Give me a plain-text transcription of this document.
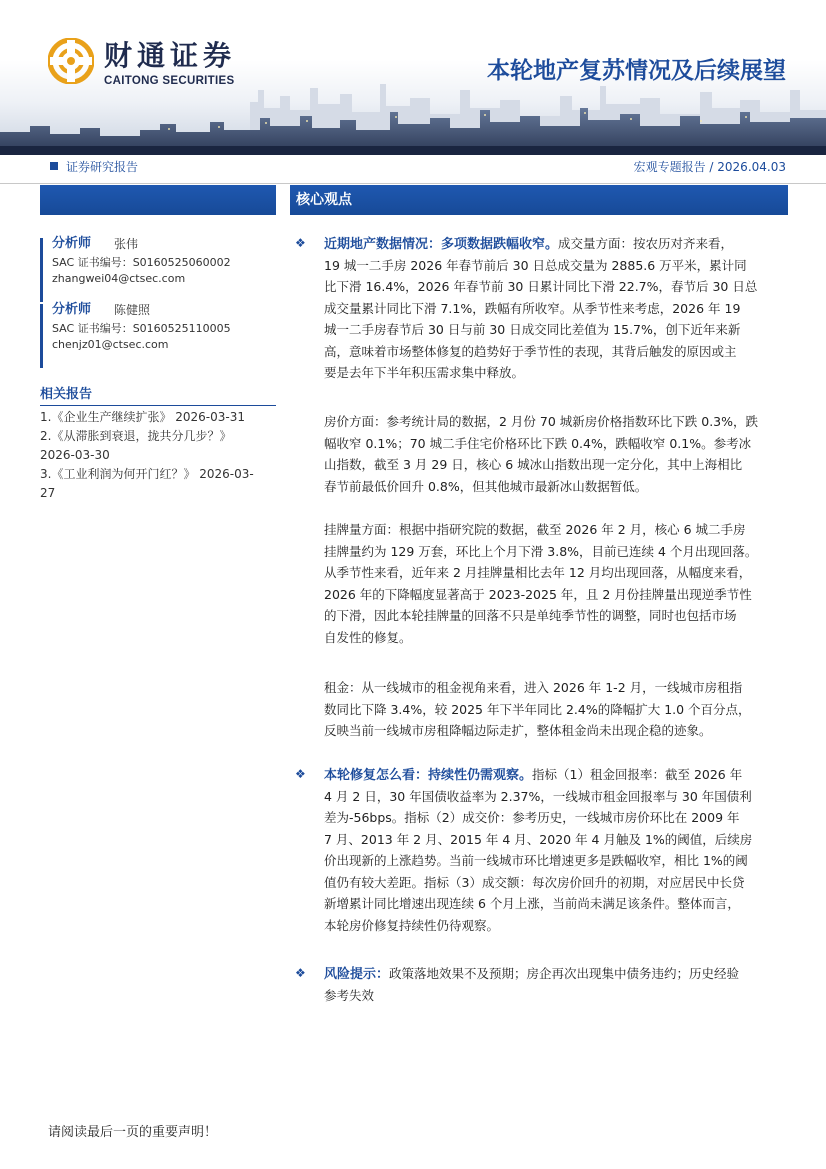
财通证券
CAITONG SECURITIES	本轮地产复苏情况及后续展望
证券研究报告	宏观专题报告 / 2026.04.03
分析师 张伟
SAC 证书编号：S0160525060002
zhangwei04@ctsec.com
分析师 陈健照
SAC 证书编号：S0160525110005
chenjz01@ctsec.com
相关报告
1.《企业生产继续扩张》 2026-03-31
2.《从滞胀到衰退，拢共分几步？》
2026-03-30
3.《工业利润为何开门红？》 2026-03-
27
核心观点
❖ 近期地产数据情况：多项数据跌幅收窄。成交量方面：按农历对齐来看，
19 城一二手房 2026 年春节前后 30 日总成交量为 2885.6 万平米，累计同
比下滑 16.4%，2026 年春节前 30 日累计同比下滑 22.7%，春节后 30 日总
成交量累计同比下滑 7.1%，跌幅有所收窄。从季节性来考虑，2026 年 19
城一二手房春节后 30 日与前 30 日成交同比差值为 15.7%，创下近年来新
高，意味着市场整体修复的趋势好于季节性的表现，其背后触发的原因或主
要是去年下半年积压需求集中释放。
房价方面：参考统计局的数据，2 月份 70 城新房价格指数环比下跌 0.3%，跌
幅收窄 0.1%；70 城二手住宅价格环比下跌 0.4%，跌幅收窄 0.1%。参考冰
山指数，截至 3 月 29 日，核心 6 城冰山指数出现一定分化，其中上海相比
春节前最低价回升 0.8%，但其他城市最新冰山数据暂低。
挂牌量方面：根据中指研究院的数据，截至 2026 年 2 月，核心 6 城二手房
挂牌量约为 129 万套，环比上个月下滑 3.8%，目前已连续 4 个月出现回落。
从季节性来看，近年来 2 月挂牌量相比去年 12 月均出现回落，从幅度来看，
2026 年的下降幅度显著高于 2023-2025 年，且 2 月份挂牌量出现逆季节性
的下滑，因此本轮挂牌量的回落不只是单纯季节性的调整，同时也包括市场
自发性的修复。
租金：从一线城市的租金视角来看，进入 2026 年 1-2 月，一线城市房租指
数同比下降 3.4%，较 2025 年下半年同比 2.4%的降幅扩大 1.0 个百分点，
反映当前一线城市房租降幅边际走扩，整体租金尚未出现企稳的迹象。
❖ 本轮修复怎么看：持续性仍需观察。指标（1）租金回报率：截至 2026 年
4 月 2 日，30 年国债收益率为 2.37%，一线城市租金回报率与 30 年国债利
差为-56bps。指标（2）成交价：参考历史，一线城市房价环比在 2009 年
7 月、2013 年 2 月、2015 年 4 月、2020 年 4 月触及 1%的阈值，后续房
价出现新的上涨趋势。当前一线城市环比增速更多是跌幅收窄，相比 1%的阈
值仍有较大差距。指标（3）成交额：每次房价回升的初期，对应居民中长贷
新增累计同比增速出现连续 6 个月上涨，当前尚未满足该条件。整体而言，
本轮房价修复持续性仍待观察。
❖ 风险提示：政策落地效果不及预期；房企再次出现集中债务违约；历史经验
参考失效
请阅读最后一页的重要声明！
